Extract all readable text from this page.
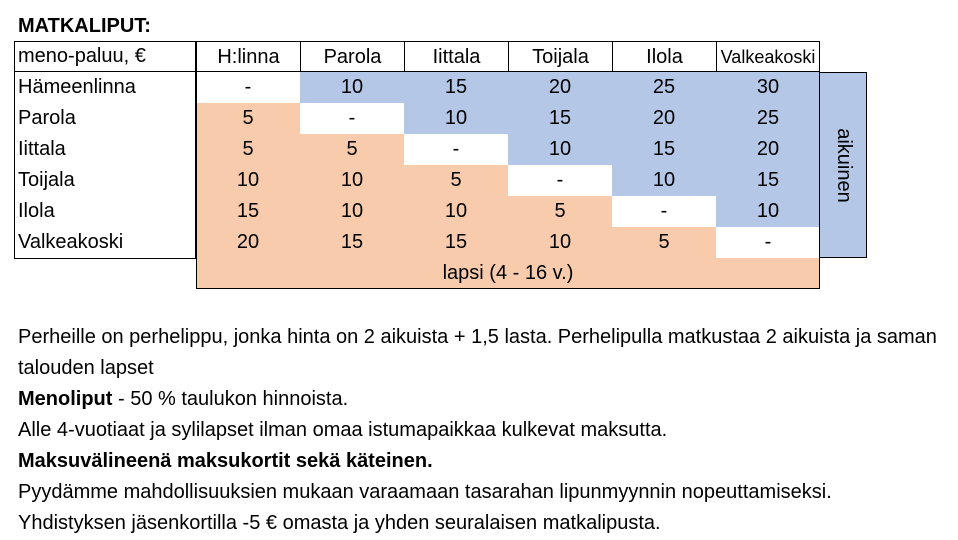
MATKALIPUT:
meno-paluu, €	H:linna	Parola	Iittala	Toijala	Ilola	Valkeakoski
Hämeenlinna	-	10	15	20	25	30
Parola	5	-	10	15	20	25
Iittala	5	5	-	10	15	20
Toijala	10	10	5	-	10	15
Ilola	15	10	10	5	-	10
Valkeakoski	20	15	15	10	5	-
aikuinen
lapsi (4 - 16 v.)

Perheille on perhelippu, jonka hinta on 2 aikuista + 1,5 lasta. Perhelipulla matkustaa 2 aikuista ja saman talouden lapset

Menoliput - 50 % taulukon hinnoista.

Alle 4-vuotiaat ja sylilapset ilman omaa istumapaikkaa kulkevat maksutta.

Maksuvälineenä maksukortit sekä käteinen.

Pyydämme mahdollisuuksien mukaan varaamaan tasarahan lipunmyynnin nopeuttamiseksi.

Yhdistyksen jäsenkortilla -5 € omasta ja yhden seuralaisen matkalipusta.
